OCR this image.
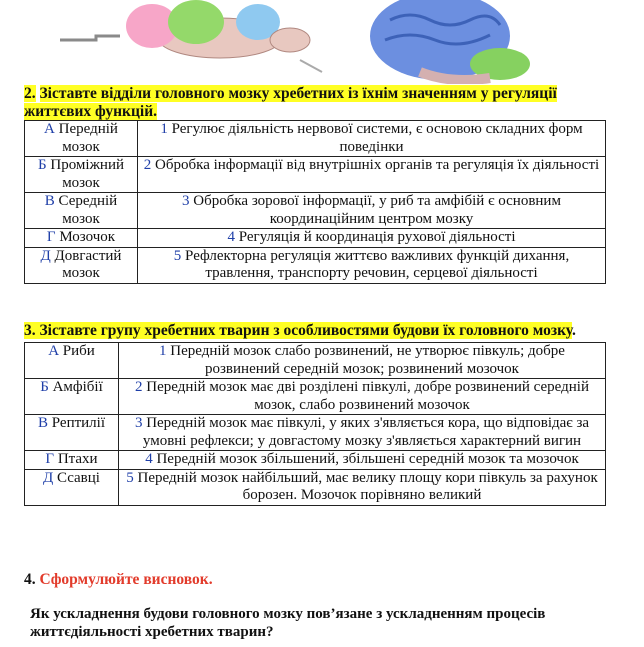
2. Зіставте відділи головного мозку хребетних із їхнім значенням у регуляції життєвих функцій.
А Передній мозок	1 Регулює діяльність нервової системи, є основою складних форм поведінки
Б Проміжний мозок	2 Обробка інформації від внутрішніх органів та регуляція їх діяльності
В Середній мозок	3 Обробка зорової інформації, у риб та амфібій є основним координаційним центром мозку
Г Мозочок	4 Регуляція й координація рухової діяльності
Д Довгастий мозок	5 Рефлекторна регуляція життєво важливих функцій дихання, травлення, транспорту речовин, серцевої діяльності
3. Зіставте групу хребетних тварин з особливостями будови їх головного мозку.
А Риби	1 Передній мозок слабо розвинений, не утворює півкуль; добре розвинений середній мозок; розвинений мозочок
Б Амфібії	2 Передній мозок має дві розділені півкулі, добре розвинений середній мозок, слабо розвинений мозочок
В Рептилії	3 Передній мозок має півкулі, у яких з'являється кора, що відповідає за умовні рефлекси; у довгастому мозку з'являється характерний вигин
Г Птахи	4 Передній мозок збільшений, збільшені середній мозок та мозочок
Д Ссавці	5 Передній мозок найбільший, має велику площу кори півкуль за рахунок борозен. Мозочок порівняно великий
4. Сформулюйте висновок.
Як ускладнення будови головного мозку пов’язане з ускладненням процесів життєдіяльності хребетних тварин?
